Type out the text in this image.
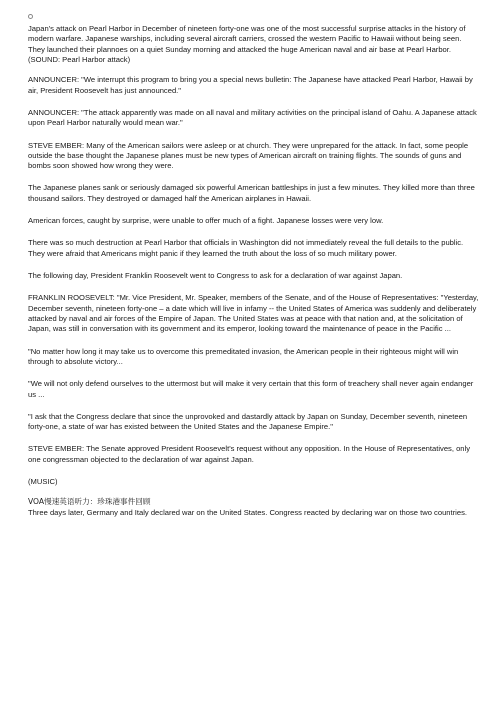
Japan's attack on Pearl Harbor in December of nineteen forty-one was one of the most successful surprise attacks in the history of modern warfare. Japanese warships, including several aircraft carriers, crossed the western Pacific to Hawaii without being seen.

They launched their plannoes on a quiet Sunday morning and attacked the huge American naval and air base at Pearl Harbor.

(SOUND: Pearl Harbor attack)

ANNOUNCER: "We interrupt this program to bring you a special news bulletin: The Japanese have attacked Pearl Harbor, Hawaii by air, President Roosevelt has just announced."

ANNOUNCER: "The attack apparently was made on all naval and military activities on the principal island of Oahu. A Japanese attack upon Pearl Harbor naturally would mean war."

STEVE EMBER: Many of the American sailors were asleep or at church. They were unprepared for the attack. In fact, some people outside the base thought the Japanese planes must be new types of American aircraft on training flights. The sounds of guns and bombs soon showed how wrong they were.

The Japanese planes sank or seriously damaged six powerful American battleships in just a few minutes. They killed more than three thousand sailors. They destroyed or damaged half the American airplanes in Hawaii.

American forces, caught by surprise, were unable to offer much of a fight. Japanese losses were very low.

There was so much destruction at Pearl Harbor that officials in Washington did not immediately reveal the full details to the public.

They were afraid that Americans might panic if they learned the truth about the loss of so much military power.

The following day, President Franklin Roosevelt went to Congress to ask for a declaration of war against Japan.

FRANKLIN ROOSEVELT: "Mr. Vice President, Mr. Speaker, members of the Senate, and of the House of Representatives: "Yesterday, December seventh, nineteen forty-one – a date which will live in infamy -- the United States of America was suddenly and deliberately attacked by naval and air forces of the Empire of Japan. The United States was at peace with that nation and, at the solicitation of Japan, was still in conversation with its government and its emperor, looking toward the maintenance of peace in the Pacific ...

"No matter how long it may take us to overcome this premeditated invasion, the American people in their righteous might will win through to absolute victory...

"We will not only defend ourselves to the uttermost but will make it very certain that this form of treachery shall never again endanger us ...

"I ask that the Congress declare that since the unprovoked and dastardly attack by Japan on Sunday, December seventh, nineteen forty-one, a state of war has existed between the United States and the Japanese Empire."

STEVE EMBER: The Senate approved President Roosevelt's request without any opposition. In the House of Representatives, only one congressman objected to the declaration of war against Japan.

(MUSIC)

VOA慢速英语听力：珍珠港事件回顾

Three days later, Germany and Italy declared war on the United States. Congress reacted by declaring war on those two countries.
